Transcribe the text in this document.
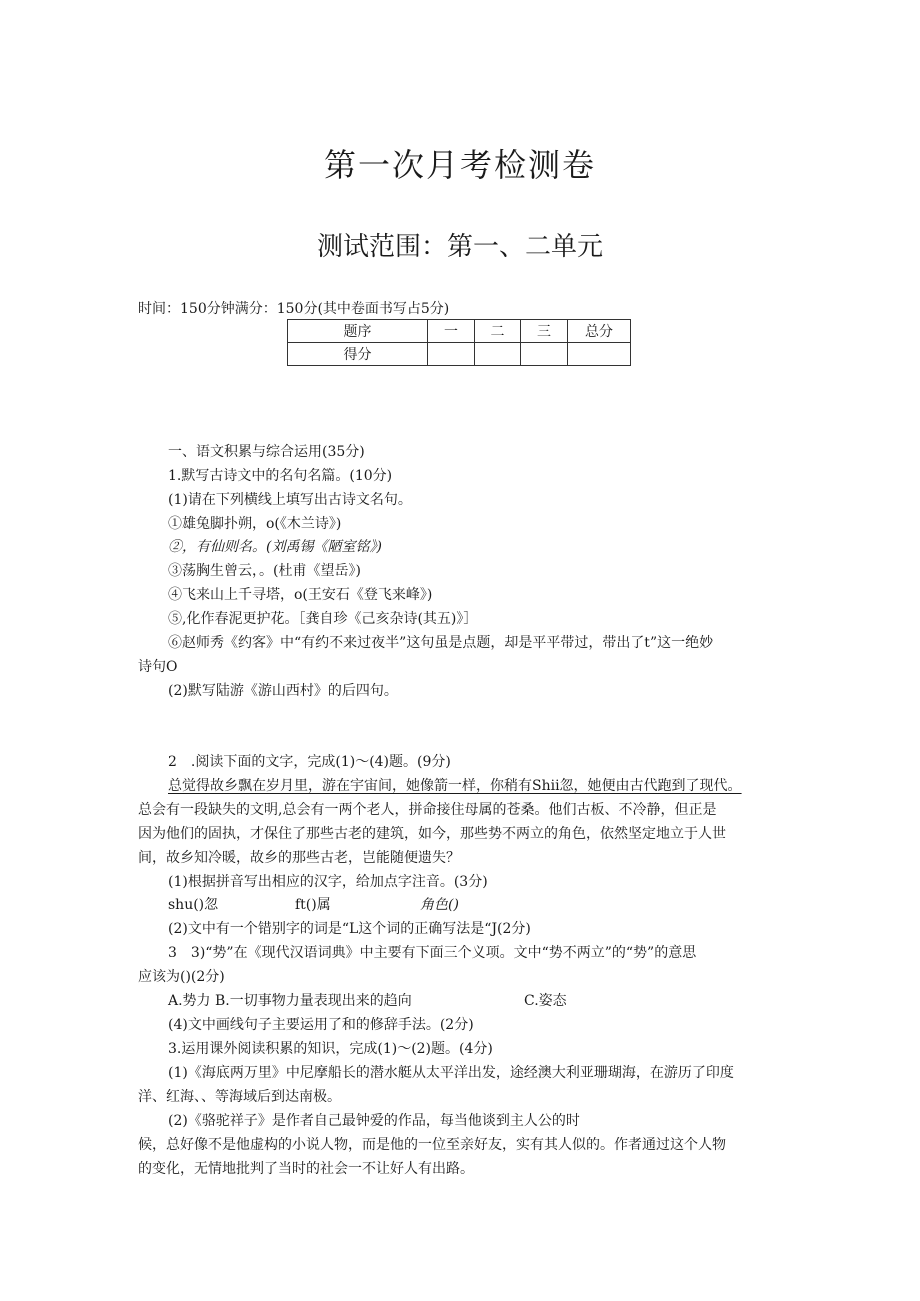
第一次月考检测卷
测试范围：第一、二单元
时间：150分钟满分：150分(其中卷面书写占5分)
题序	一	二	三	总分
得分				
一、语文积累与综合运用(35分)
1.默写古诗文中的名句名篇。(10分)
(1)请在下列横线上填写出古诗文名句。
①雄兔脚扑朔，o(《木兰诗》)
②，有仙则名。(刘禹锡《陋室铭》)
③荡胸生曾云，。(杜甫《望岳》)
④飞来山上千寻塔，o(王安石《登飞来峰》)
⑤,化作春泥更护花。［龚自珍《己亥杂诗(其五)》］
⑥赵师秀《约客》中“有约不来过夜半”这句虽是点题，却是平平带过，带出了t”这一绝妙
诗句O
(2)默写陆游《游山西村》的后四句。
2　.阅读下面的文字，完成(1)〜(4)题。(9分)
总觉得故乡飘在岁月里，游在宇宙间，她像箭一样，你稍有Shii忽，她便由古代跑到了现代。
总会有一段缺失的文明,总会有一两个老人，拼命接住母属的苍桑。他们古板、不冷静，但正是
因为他们的固执，才保住了那些古老的建筑，如今，那些势不两立的角色，依然坚定地立于人世
间，故乡知冷暖，故乡的那些古老，岂能随便遗失？
(1)根据拼音写出相应的汉字，给加点字注音。(3分)
shu()忽	ft()属	角色()
(2)文中有一个错别字的词是“L这个词的正确写法是“J(2分)
3　3)“势”在《现代汉语词典》中主要有下面三个义项。文中“势不两立”的“势”的意思
应该为()(2分)
A.势力 B.一切事物力量表现出来的趋向	C.姿态
(4)文中画线句子主要运用了和的修辞手法。(2分)
3.运用课外阅读积累的知识，完成(1)〜(2)题。(4分)
(1)《海底两万里》中尼摩船长的潜水艇从太平洋出发，途经澳大利亚珊瑚海，在游历了印度
洋、红海、、等海域后到达南极。
(2)《骆驼祥子》是作者自己最钟爱的作品，每当他谈到主人公的时
候，总好像不是他虚构的小说人物，而是他的一位至亲好友，实有其人似的。作者通过这个人物
的变化，无情地批判了当时的社会一不让好人有出路。
